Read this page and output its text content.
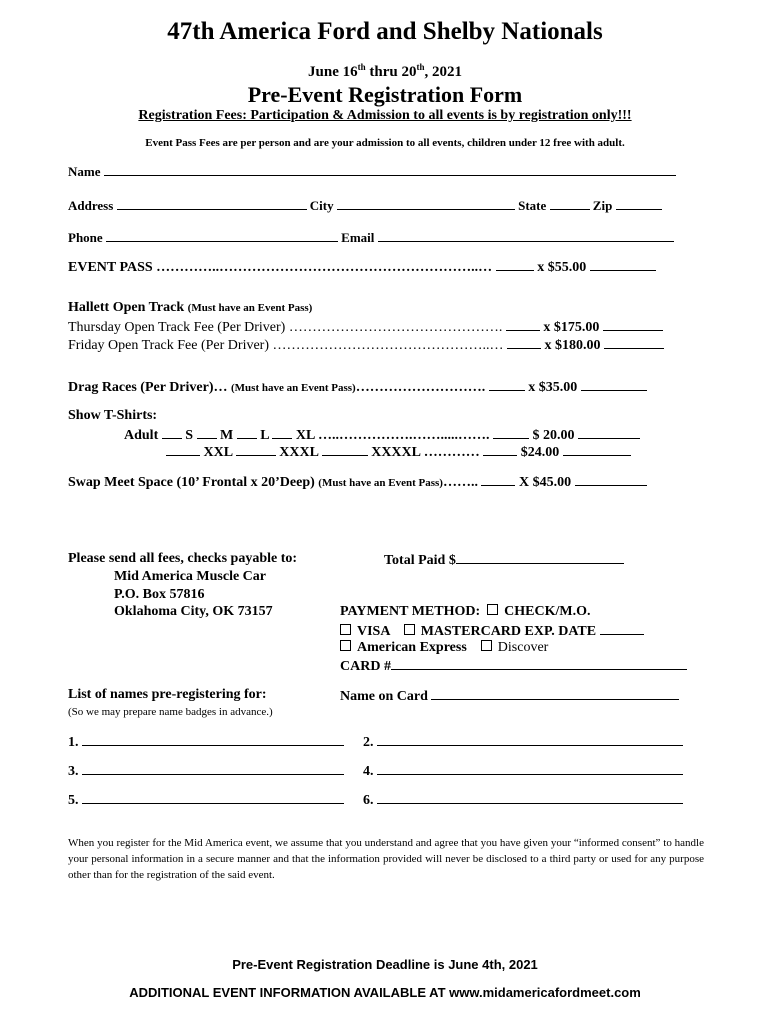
47th America Ford and Shelby Nationals
June 16th thru 20th, 2021
Pre-Event Registration Form
Registration Fees: Participation & Admission to all events is by registration only!!!
Event Pass Fees are per person and are your admission to all events, children under 12 free with adult.
Name
Address	City	State	Zip
Phone	Email
EVENT PASS …………..………………………………………………..…	x $55.00
Hallett Open Track (Must have an Event Pass)
Thursday Open Track Fee (Per Driver) ……………………………………….	x $175.00
Friday Open Track Fee (Per Driver) ………………………………………..…	x $180.00
Drag Races (Per Driver)… (Must have an Event Pass)……………………….	x $35.00
Show T-Shirts:
Adult S M L XL …..…………….…….....…….	$ 20.00
XXL	XXXL	XXXXL …………	$24.00
Swap Meet Space (10’ Frontal x 20’Deep) (Must have an Event Pass)……..	X $45.00
Please send all fees, checks payable to:
Mid America Muscle Car
P.O. Box 57816
Oklahoma City, OK 73157
Total Paid $
PAYMENT METHOD: CHECK/M.O.
VISA MASTERCARD EXP. DATE
American Express Discover
CARD #
Name on Card
List of names pre-registering for:
(So we may prepare name badges in advance.)
1.	2.
3.	4.
5.	6.
When you register for the Mid America event, we assume that you understand and agree that you have given your “informed consent” to handle your personal information in a secure manner and that the information provided will never be disclosed to a third party or used for any purpose other than for the registration of the said event.
Pre-Event Registration Deadline is June 4th, 2021
ADDITIONAL EVENT INFORMATION AVAILABLE AT www.midamericafordmeet.com
